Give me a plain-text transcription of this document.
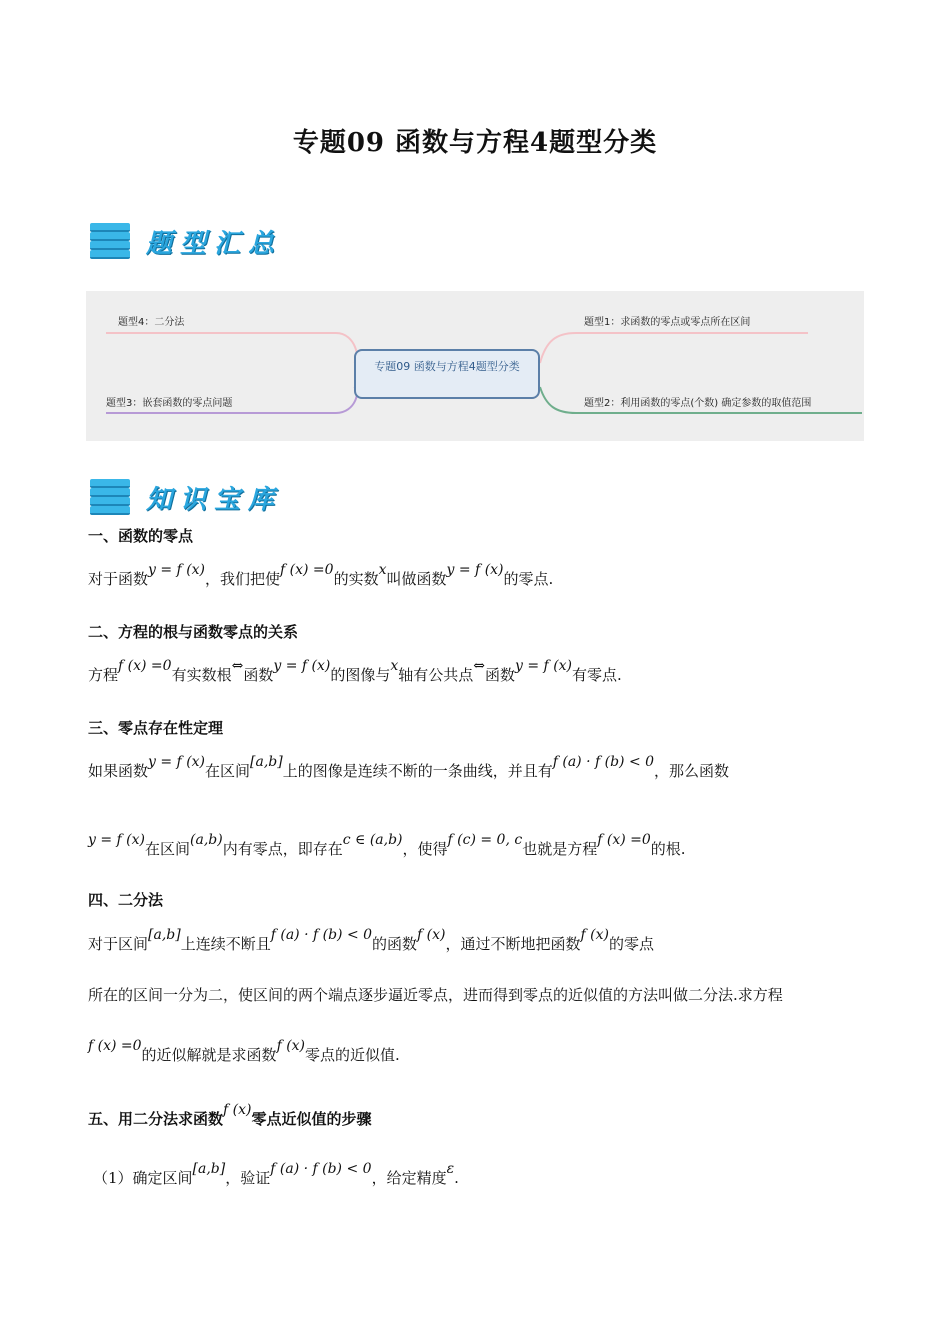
专题09 函数与方程4题型分类
题型汇总
题型4：二分法	题型1：求函数的零点或零点所在区间
题型3：嵌套函数的零点问题	题型2：利用函数的零点(个数) 确定参数的取值范围
专题09 函数与方程4题型分类
知识宝库
一、函数的零点
对于函数y = f (x)，我们把使f (x) =0的实数x叫做函数y = f (x)的零点.
二、方程的根与函数零点的关系
方程f (x) =0有实数根⇔函数y = f (x)的图像与x轴有公共点⇔函数y = f (x)有零点.
三、零点存在性定理
如果函数y = f (x)在区间[a,b]上的图像是连续不断的一条曲线，并且有f (a) · f (b) < 0，那么函数
y = f (x)在区间(a,b)内有零点，即存在c ∈ (a,b)，使得f (c) = 0, c也就是方程f (x) =0的根.
四、二分法
对于区间[a,b]上连续不断且f (a) · f (b) < 0的函数f (x)，通过不断地把函数f (x)的零点
所在的区间一分为二，使区间的两个端点逐步逼近零点，进而得到零点的近似值的方法叫做二分法.求方程
f (x) =0的近似解就是求函数f (x)零点的近似值.
五、用二分法求函数f (x)零点近似值的步骤
（1）确定区间[a,b]，验证f (a) · f (b) < 0，给定精度ε.
